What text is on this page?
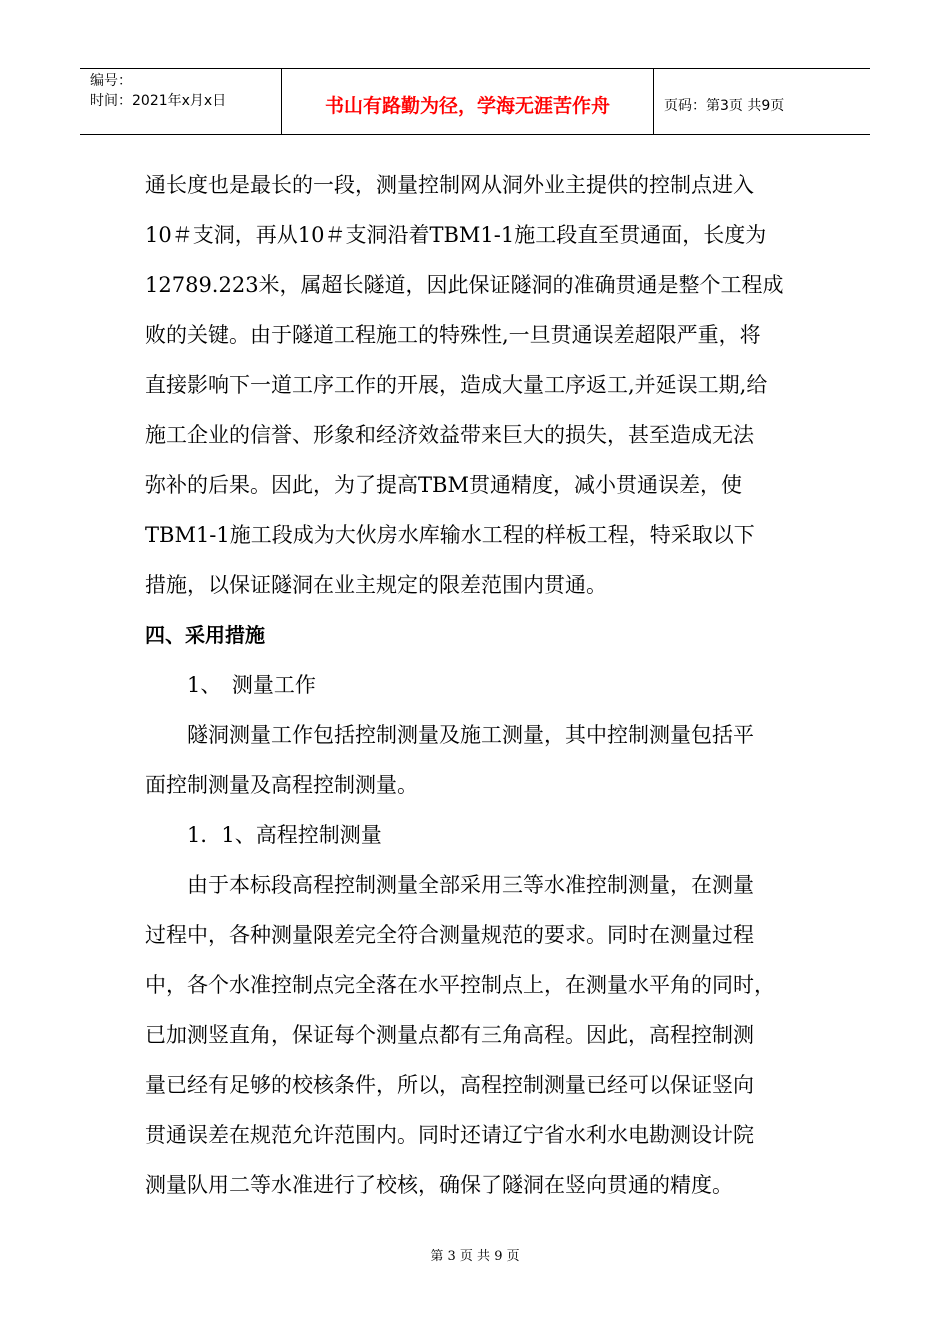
编号：
时间：2021年x月x日	书山有路勤为径，学海无涯苦作舟	页码：第3页 共9页
通长度也是最长的一段，测量控制网从洞外业主提供的控制点进入
10＃支洞，再从10＃支洞沿着TBM1-1施工段直至贯通面，长度为
12789.223米，属超长隧道，因此保证隧洞的准确贯通是整个工程成
败的关键。由于隧道工程施工的特殊性,一旦贯通误差超限严重，将
直接影响下一道工序工作的开展，造成大量工序返工,并延误工期,给
施工企业的信誉、形象和经济效益带来巨大的损失，甚至造成无法
弥补的后果。因此，为了提高TBM贯通精度，减小贯通误差，使
TBM1-1施工段成为大伙房水库输水工程的样板工程，特采取以下
措施，以保证隧洞在业主规定的限差范围内贯通。
四、采用措施
1、　测量工作
隧洞测量工作包括控制测量及施工测量，其中控制测量包括平
面控制测量及高程控制测量。
1．1、高程控制测量
由于本标段高程控制测量全部采用三等水准控制测量，在测量
过程中，各种测量限差完全符合测量规范的要求。同时在测量过程
中，各个水准控制点完全落在水平控制点上，在测量水平角的同时，
已加测竖直角，保证每个测量点都有三角高程。因此，高程控制测
量已经有足够的校核条件，所以，高程控制测量已经可以保证竖向
贯通误差在规范允许范围内。同时还请辽宁省水利水电勘测设计院
测量队用二等水准进行了校核，确保了隧洞在竖向贯通的精度。
第 3 页 共 9 页
